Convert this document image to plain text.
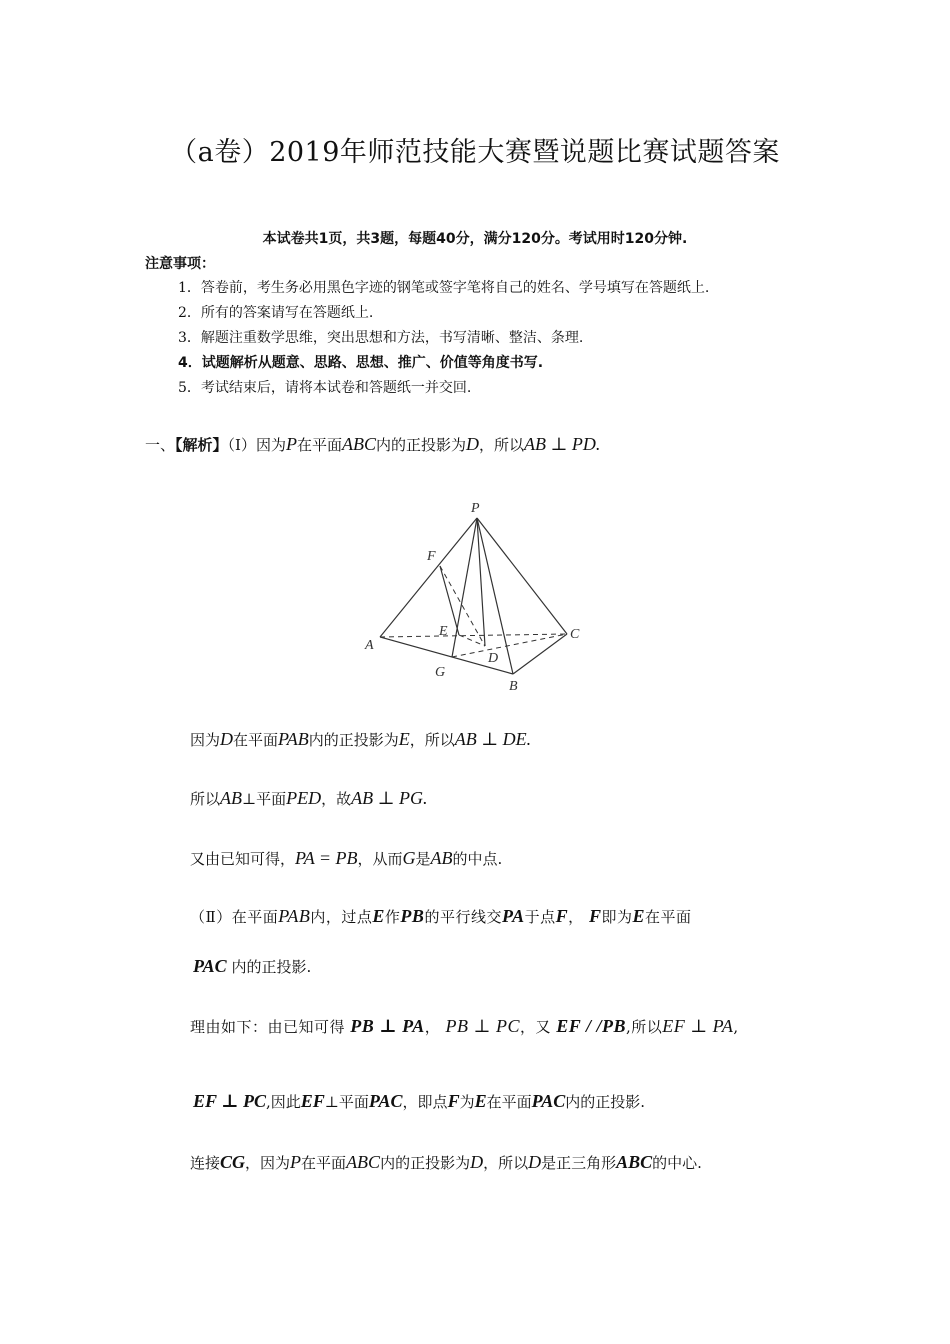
（a卷）2019年师范技能大赛暨说题比赛试题答案
本试卷共1页，共3题，每题40分，满分120分。考试用时120分钟.
注意事项：
1．答卷前，考生务必用黑色字迹的钢笔或签字笔将自己的姓名、学号填写在答题纸上.
2．所有的答案请写在答题纸上.
3．解题注重数学思维，突出思想和方法，书写清晰、整洁、条理.
4．试题解析从题意、思路、思想、推广、价值等角度书写.
5．考试结束后，请将本试卷和答题纸一并交回.
一、【解析】（Ⅰ）因为P在平面ABC内的正投影为D，所以AB ⊥ PD.
P
F
E
A
C
D
G
B
因为D在平面PAB内的正投影为E，所以AB ⊥ DE.
所以AB⊥平面PED，故AB ⊥ PG.
又由已知可得，PA = PB，从而G是AB的中点.
（Ⅱ）在平面PAB内，过点E作PB的平行线交PA于点F， F即为E在平面
PAC 内的正投影.
理由如下：由已知可得 PB ⊥ PA， PB ⊥ PC，又 EF / /PB,所以EF ⊥ PA,
EF ⊥ PC,因此EF⊥平面PAC，即点F为E在平面PAC内的正投影.
连接CG，因为P在平面ABC内的正投影为D，所以D是正三角形ABC的中心.
